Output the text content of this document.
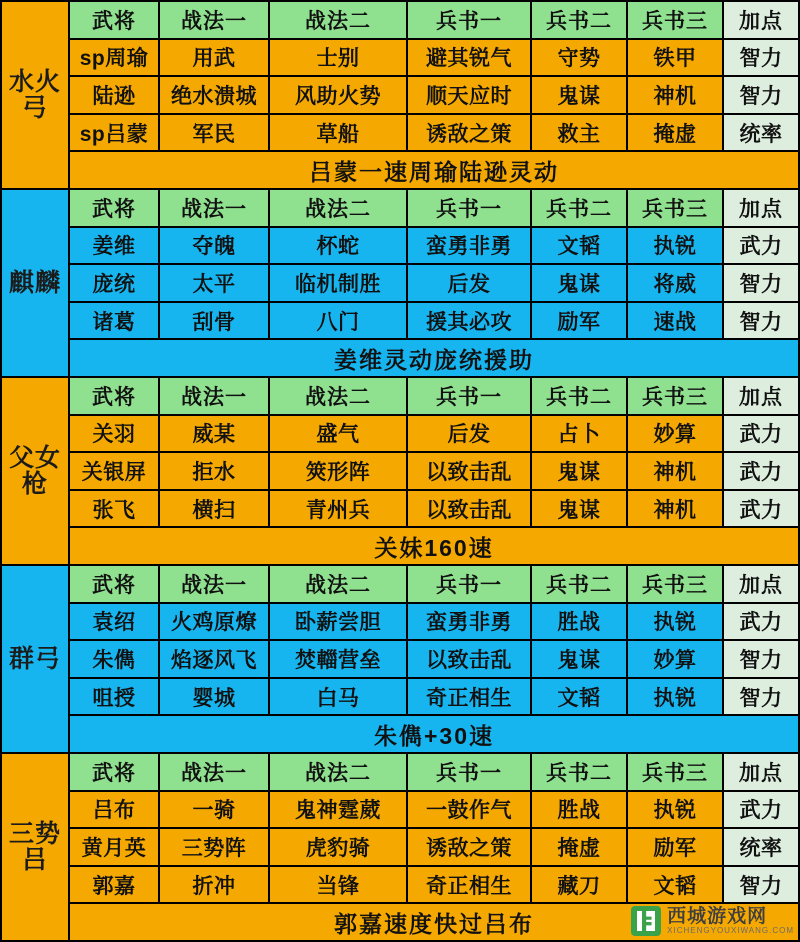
水火弓
武将	战法一	战法二	兵书一	兵书二	兵书三	加点
sp周瑜	用武	士别	避其锐气	守势	铁甲	智力
陆逊	绝水溃城	风助火势	顺天应时	鬼谋	神机	智力
sp吕蒙	军民	草船	诱敌之策	救主	掩虚	统率
吕蒙一速周瑜陆逊灵动
麒麟
武将	战法一	战法二	兵书一	兵书二	兵书三	加点
姜维	夺魄	杯蛇	蛮勇非勇	文韬	执锐	武力
庞统	太平	临机制胜	后发	鬼谋	将威	智力
诸葛	刮骨	八门	援其必攻	励军	速战	智力
姜维灵动庞统援助
父女枪
武将	战法一	战法二	兵书一	兵书二	兵书三	加点
关羽	威某	盛气	后发	占卜	妙算	武力
关银屏	拒水	筴形阵	以致击乱	鬼谋	神机	武力
张飞	横扫	青州兵	以致击乱	鬼谋	神机	武力
关妹160速
群弓
武将	战法一	战法二	兵书一	兵书二	兵书三	加点
袁绍	火鸡原燎	卧薪尝胆	蛮勇非勇	胜战	执锐	武力
朱儁	焰逐风飞	焚輺营垒	以致击乱	鬼谋	妙算	智力
咀授	婴城	白马	奇正相生	文韬	执锐	智力
朱儁+30速
三势吕
武将	战法一	战法二	兵书一	兵书二	兵书三	加点
吕布	一骑	鬼神霆葳	一鼓作气	胜战	执锐	武力
黄月英	三势阵	虎豹骑	诱敌之策	掩虚	励军	统率
郭嘉	折冲	当锋	奇正相生	藏刀	文韬	智力
郭嘉速度快过吕布	西城游戏网
XICHENGYOUXIWANG.COM
